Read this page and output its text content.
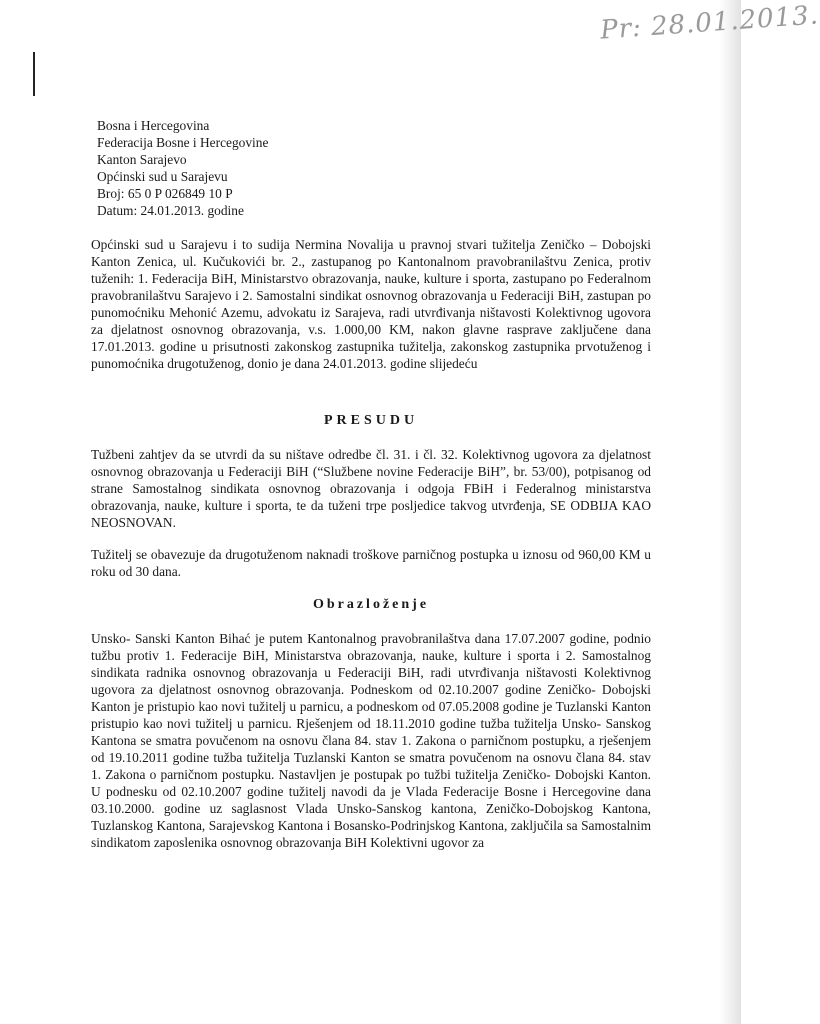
Pr: 28.01.2013.
Bosna i Hercegovina
Federacija Bosne i Hercegovine
Kanton Sarajevo
Općinski sud u Sarajevu
Broj: 65 0 P 026849 10 P
Datum: 24.01.2013. godine
Općinski sud u Sarajevu i to sudija Nermina Novalija u pravnoj stvari tužitelja Zeničko – Dobojski Kanton Zenica, ul. Kučukovići br. 2., zastupanog po Kantonalnom pravobranilaštvu Zenica, protiv tuženih: 1. Federacija BiH, Ministarstvo obrazovanja, nauke, kulture i sporta, zastupano po Federalnom pravobranilaštvu Sarajevo i 2. Samostalni sindikat osnovnog obrazovanja u Federaciji BiH, zastupan po punomoćniku Mehonić Azemu, advokatu iz Sarajeva, radi utvrđivanja ništavosti Kolektivnog ugovora za djelatnost osnovnog obrazovanja, v.s. 1.000,00 KM, nakon glavne rasprave zaključene dana 17.01.2013. godine u prisutnosti zakonskog zastupnika tužitelja, zakonskog zastupnika prvotuženog i punomoćnika drugotuženog, donio je dana 24.01.2013. godine slijedeću
PRESUDU
Tužbeni zahtjev da se utvrdi da su ništave odredbe čl. 31. i čl. 32. Kolektivnog ugovora za djelatnost osnovnog obrazovanja u Federaciji BiH (“Službene novine Federacije BiH”, br. 53/00), potpisanog od strane Samostalnog sindikata osnovnog obrazovanja i odgoja FBiH i Federalnog ministarstva obrazovanja, nauke, kulture i sporta, te da tuženi trpe posljedice takvog utvrđenja, SE ODBIJA KAO NEOSNOVAN.
Tužitelj se obavezuje da drugotuženom naknadi troškove parničnog postupka u iznosu od 960,00 KM u roku od 30 dana.
Obrazloženje
Unsko- Sanski Kanton Bihać je putem Kantonalnog pravobranilaštva dana 17.07.2007 godine, podnio tužbu protiv 1. Federacije BiH, Ministarstva obrazovanja, nauke, kulture i sporta i 2. Samostalnog sindikata radnika osnovnog obrazovanja u Federaciji BiH, radi utvrđivanja ništavosti Kolektivnog ugovora za djelatnost osnovnog obrazovanja. Podneskom od 02.10.2007 godine Zeničko- Dobojski Kanton je pristupio kao novi tužitelj u parnicu, a podneskom od 07.05.2008 godine je Tuzlanski Kanton pristupio kao novi tužitelj u parnicu. Rješenjem od 18.11.2010 godine tužba tužitelja Unsko- Sanskog Kantona se smatra povučenom na osnovu člana 84. stav 1. Zakona o parničnom postupku, a rješenjem od 19.10.2011 godine tužba tužitelja Tuzlanski Kanton se smatra povučenom na osnovu člana 84. stav 1. Zakona o parničnom postupku. Nastavljen je postupak po tužbi tužitelja Zeničko- Dobojski Kanton. U podnesku od 02.10.2007 godine tužitelj navodi da je Vlada Federacije Bosne i Hercegovine dana 03.10.2000. godine uz saglasnost Vlada Unsko-Sanskog kantona, Zeničko-Dobojskog Kantona, Tuzlanskog Kantona, Sarajevskog Kantona i Bosansko-Podrinjskog Kantona, zaključila sa Samostalnim sindikatom zaposlenika osnovnog obrazovanja BiH Kolektivni ugovor za
